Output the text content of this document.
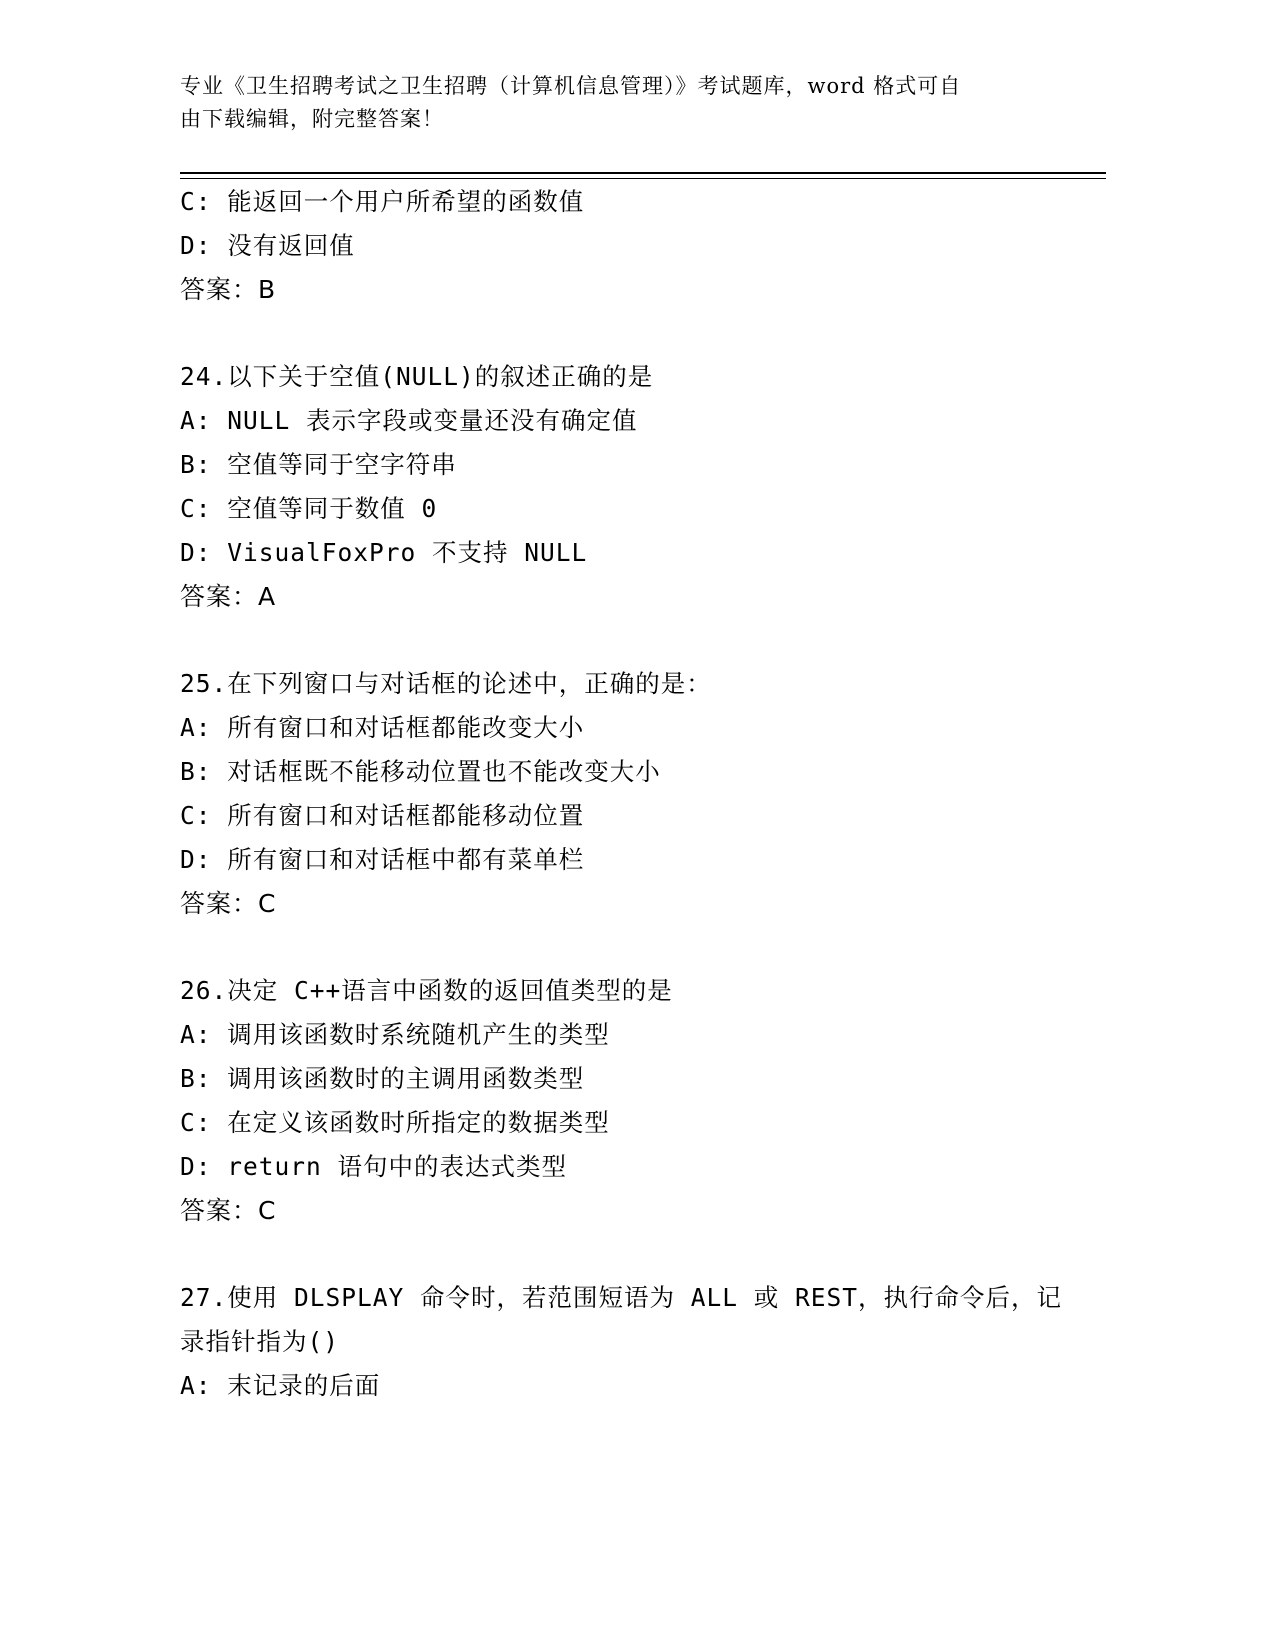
专业《卫生招聘考试之卫生招聘（计算机信息管理）》考试题库，word 格式可自
由下载编辑，附完整答案！
C: 能返回一个用户所希望的函数值
D: 没有返回值
答案：B
24.以下关于空值(NULL)的叙述正确的是
A: NULL 表示字段或变量还没有确定值
B: 空值等同于空字符串
C: 空值等同于数值 0
D: VisualFoxPro 不支持 NULL
答案：A
25.在下列窗口与对话框的论述中，正确的是：
A: 所有窗口和对话框都能改变大小
B: 对话框既不能移动位置也不能改变大小
C: 所有窗口和对话框都能移动位置
D: 所有窗口和对话框中都有菜单栏
答案：C
26.决定 C++语言中函数的返回值类型的是
A: 调用该函数时系统随机产生的类型
B: 调用该函数时的主调用函数类型
C: 在定义该函数时所指定的数据类型
D: return 语句中的表达式类型
答案：C
27.使用 DLSPLAY 命令时，若范围短语为 ALL 或 REST，执行命令后，记
录指针指为()
A: 末记录的后面
